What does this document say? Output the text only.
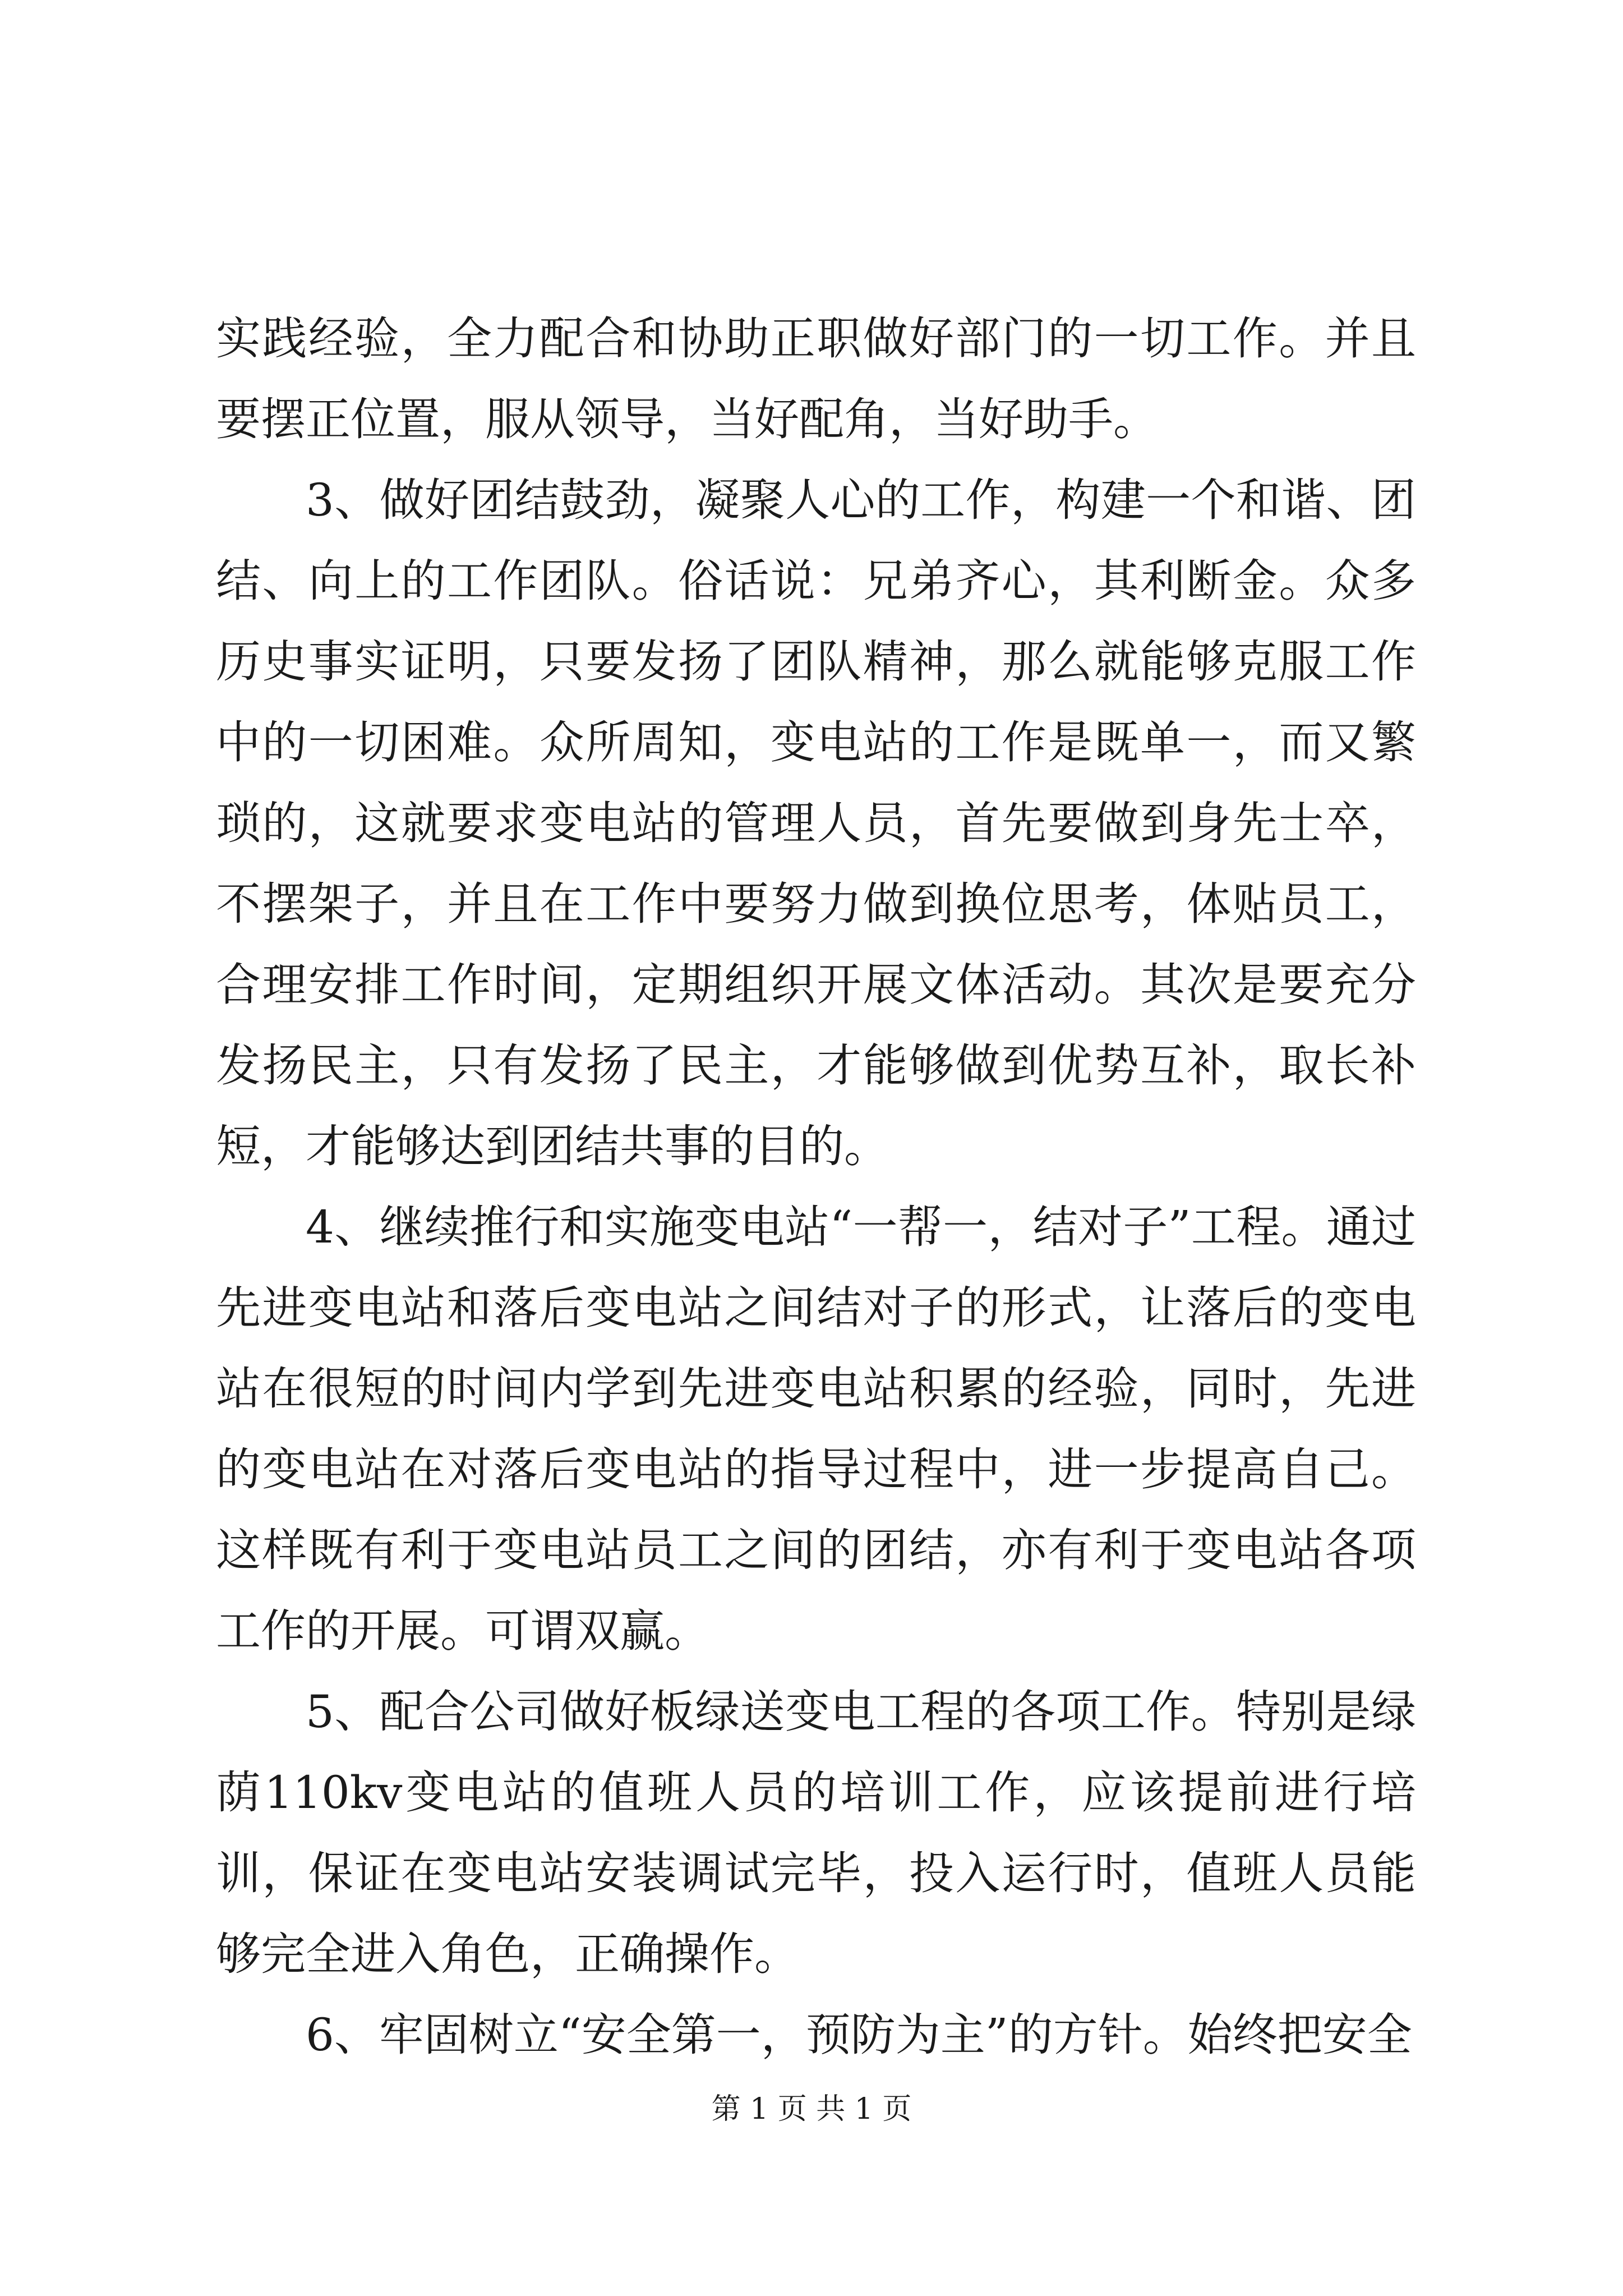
实践经验，全力配合和协助正职做好部门的一切工作。并且要摆正位置，服从领导，当好配角，当好助手。

3、做好团结鼓劲，凝聚人心的工作，构建一个和谐、团结、向上的工作团队。俗话说：兄弟齐心，其利断金。众多历史事实证明，只要发扬了团队精神，那么就能够克服工作中的一切困难。众所周知，变电站的工作是既单一，而又繁琐的，这就要求变电站的管理人员，首先要做到身先士卒，不摆架子，并且在工作中要努力做到换位思考，体贴员工，合理安排工作时间，定期组织开展文体活动。其次是要充分发扬民主，只有发扬了民主，才能够做到优势互补，取长补短，才能够达到团结共事的目的。

4、继续推行和实施变电站“一帮一，结对子”工程。通过先进变电站和落后变电站之间结对子的形式，让落后的变电站在很短的时间内学到先进变电站积累的经验，同时，先进的变电站在对落后变电站的指导过程中，进一步提高自己。这样既有利于变电站员工之间的团结，亦有利于变电站各项工作的开展。可谓双赢。

5、配合公司做好板绿送变电工程的各项工作。特别是绿荫110kv变电站的值班人员的培训工作，应该提前进行培训，保证在变电站安装调试完毕，投入运行时，值班人员能够完全进入角色，正确操作。

6、牢固树立“安全第一，预防为主”的方针。始终把安全

第 1 页 共 1 页
